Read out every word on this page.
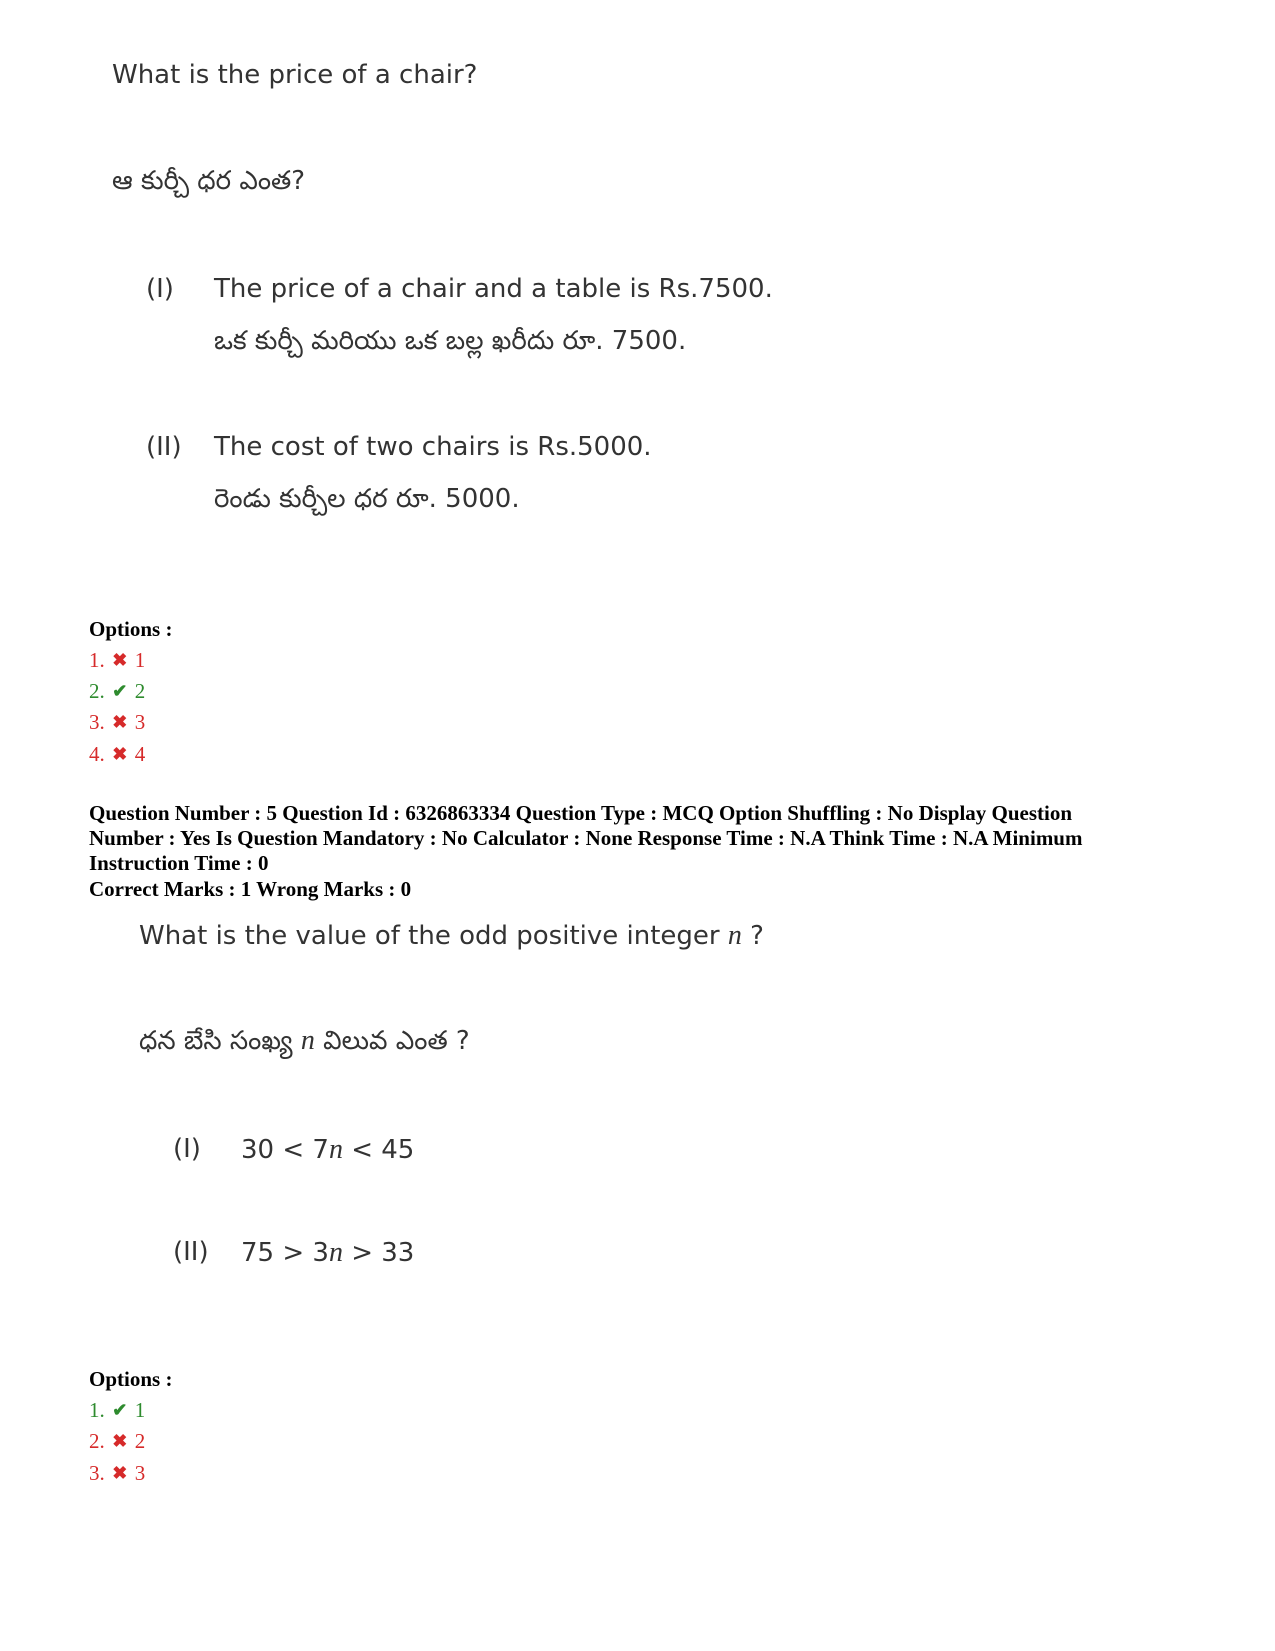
What is the price of a chair?
ఆ కుర్చీ ధర ఎంత?
(I) The price of a chair and a table is Rs.7500.
ఒక కుర్చీ మరియు ఒక బల్ల ఖరీదు రూ. 7500.
(II) The cost of two chairs is Rs.5000.
రెండు కుర్చీల ధర రూ. 5000.
Options :
1. ✖ 1
2. ✔ 2
3. ✖ 3
4. ✖ 4
Question Number : 5 Question Id : 6326863334 Question Type : MCQ Option Shuffling : No Display Question Number : Yes Is Question Mandatory : No Calculator : None Response Time : N.A Think Time : N.A Minimum Instruction Time : 0
Correct Marks : 1 Wrong Marks : 0
What is the value of the odd positive integer n ?
ధన బేసి సంఖ్య n విలువ ఎంత ?
(I) 30 < 7n < 45
(II) 75 > 3n > 33
Options :
1. ✔ 1
2. ✖ 2
3. ✖ 3
